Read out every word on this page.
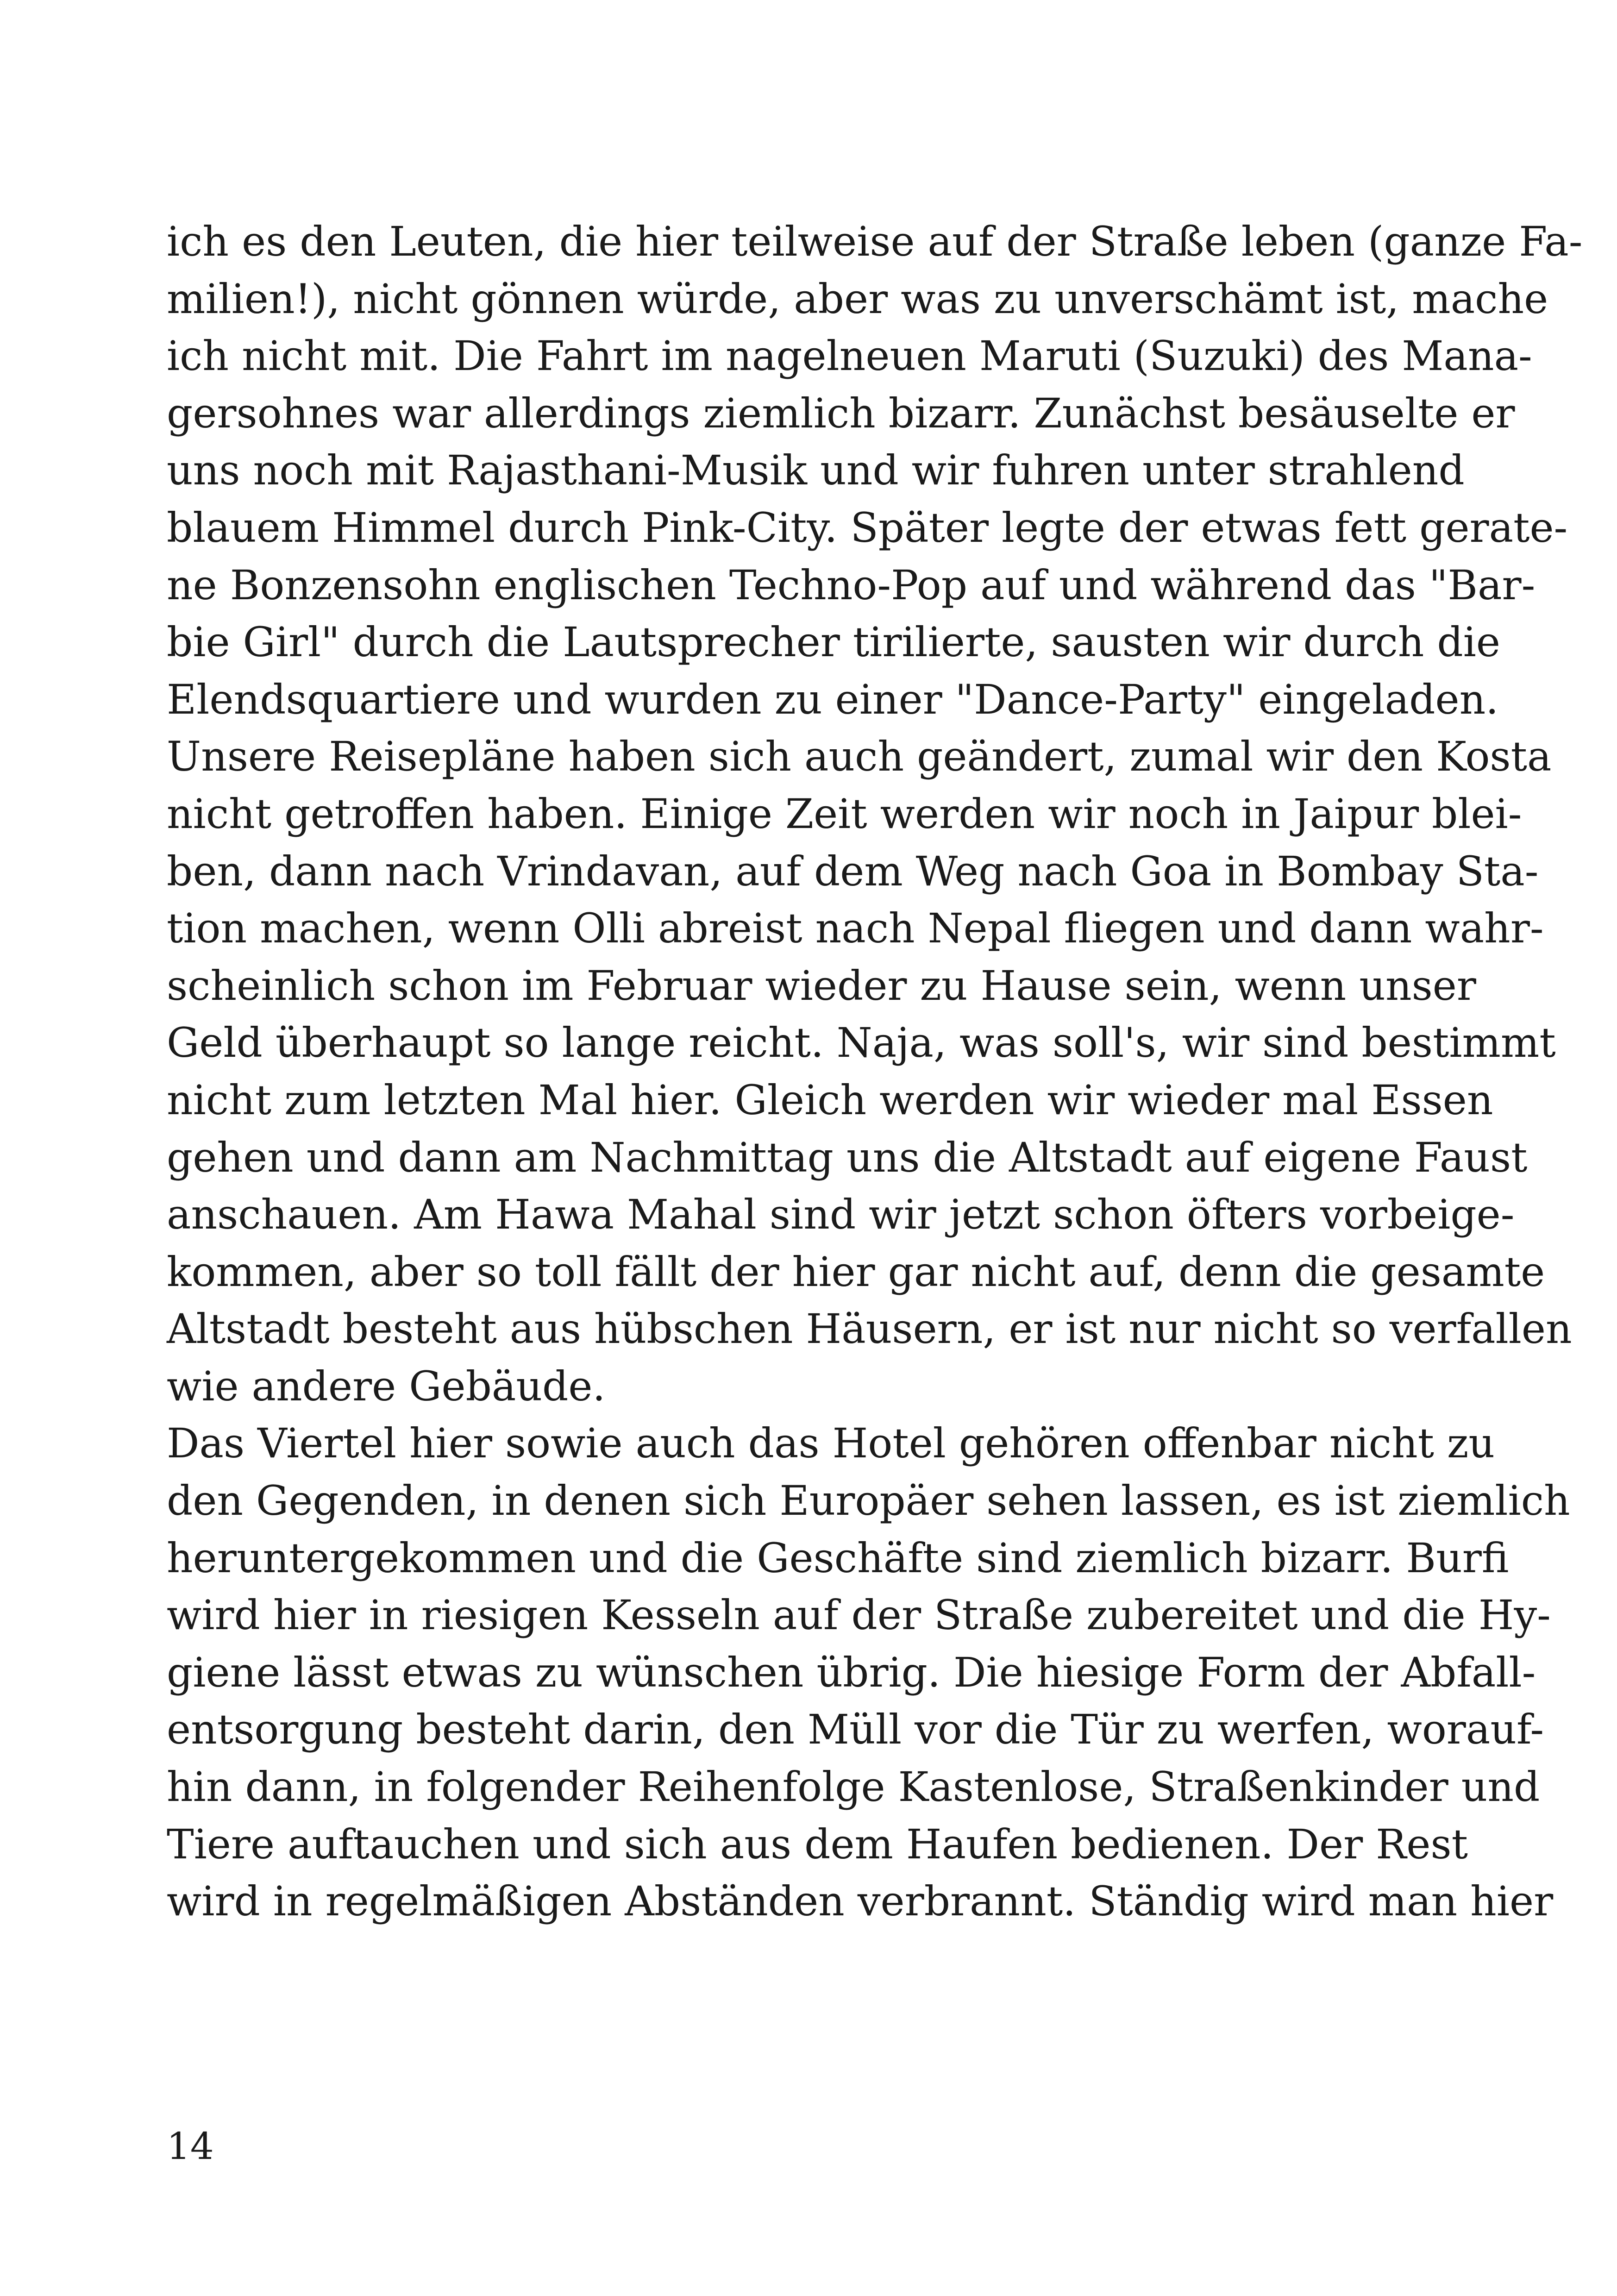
ich es den Leuten, die hier teilweise auf der Straße leben (ganze Fa-
milien!), nicht gönnen würde, aber was zu unverschämt ist, mache
ich nicht mit. Die Fahrt im nagelneuen Maruti (Suzuki) des Mana-
gersohnes war allerdings ziemlich bizarr. Zunächst besäuselte er
uns noch mit Rajasthani-Musik und wir fuhren unter strahlend
blauem Himmel durch Pink-City. Später legte der etwas fett gerate-
ne Bonzensohn englischen Techno-Pop auf und während das "Bar-
bie Girl" durch die Lautsprecher tirilierte, sausten wir durch die
Elendsquartiere und wurden zu einer "Dance-Party" eingeladen.
Unsere Reisepläne haben sich auch geändert, zumal wir den Kosta
nicht getroffen haben. Einige Zeit werden wir noch in Jaipur blei-
ben, dann nach Vrindavan, auf dem Weg nach Goa in Bombay Sta-
tion machen, wenn Olli abreist nach Nepal fliegen und dann wahr-
scheinlich schon im Februar wieder zu Hause sein, wenn unser
Geld überhaupt so lange reicht. Naja, was soll's, wir sind bestimmt
nicht zum letzten Mal hier. Gleich werden wir wieder mal Essen
gehen und dann am Nachmittag uns die Altstadt auf eigene Faust
anschauen. Am Hawa Mahal sind wir jetzt schon öfters vorbeige-
kommen, aber so toll fällt der hier gar nicht auf, denn die gesamte
Altstadt besteht aus hübschen Häusern, er ist nur nicht so verfallen
wie andere Gebäude.
Das Viertel hier sowie auch das Hotel gehören offenbar nicht zu
den Gegenden, in denen sich Europäer sehen lassen, es ist ziemlich
heruntergekommen und die Geschäfte sind ziemlich bizarr. Burfi
wird hier in riesigen Kesseln auf der Straße zubereitet und die Hy-
giene lässt etwas zu wünschen übrig. Die hiesige Form der Abfall-
entsorgung besteht darin, den Müll vor die Tür zu werfen, worauf-
hin dann, in folgender Reihenfolge Kastenlose, Straßenkinder und
Tiere auftauchen und sich aus dem Haufen bedienen. Der Rest
wird in regelmäßigen Abständen verbrannt. Ständig wird man hier
14
